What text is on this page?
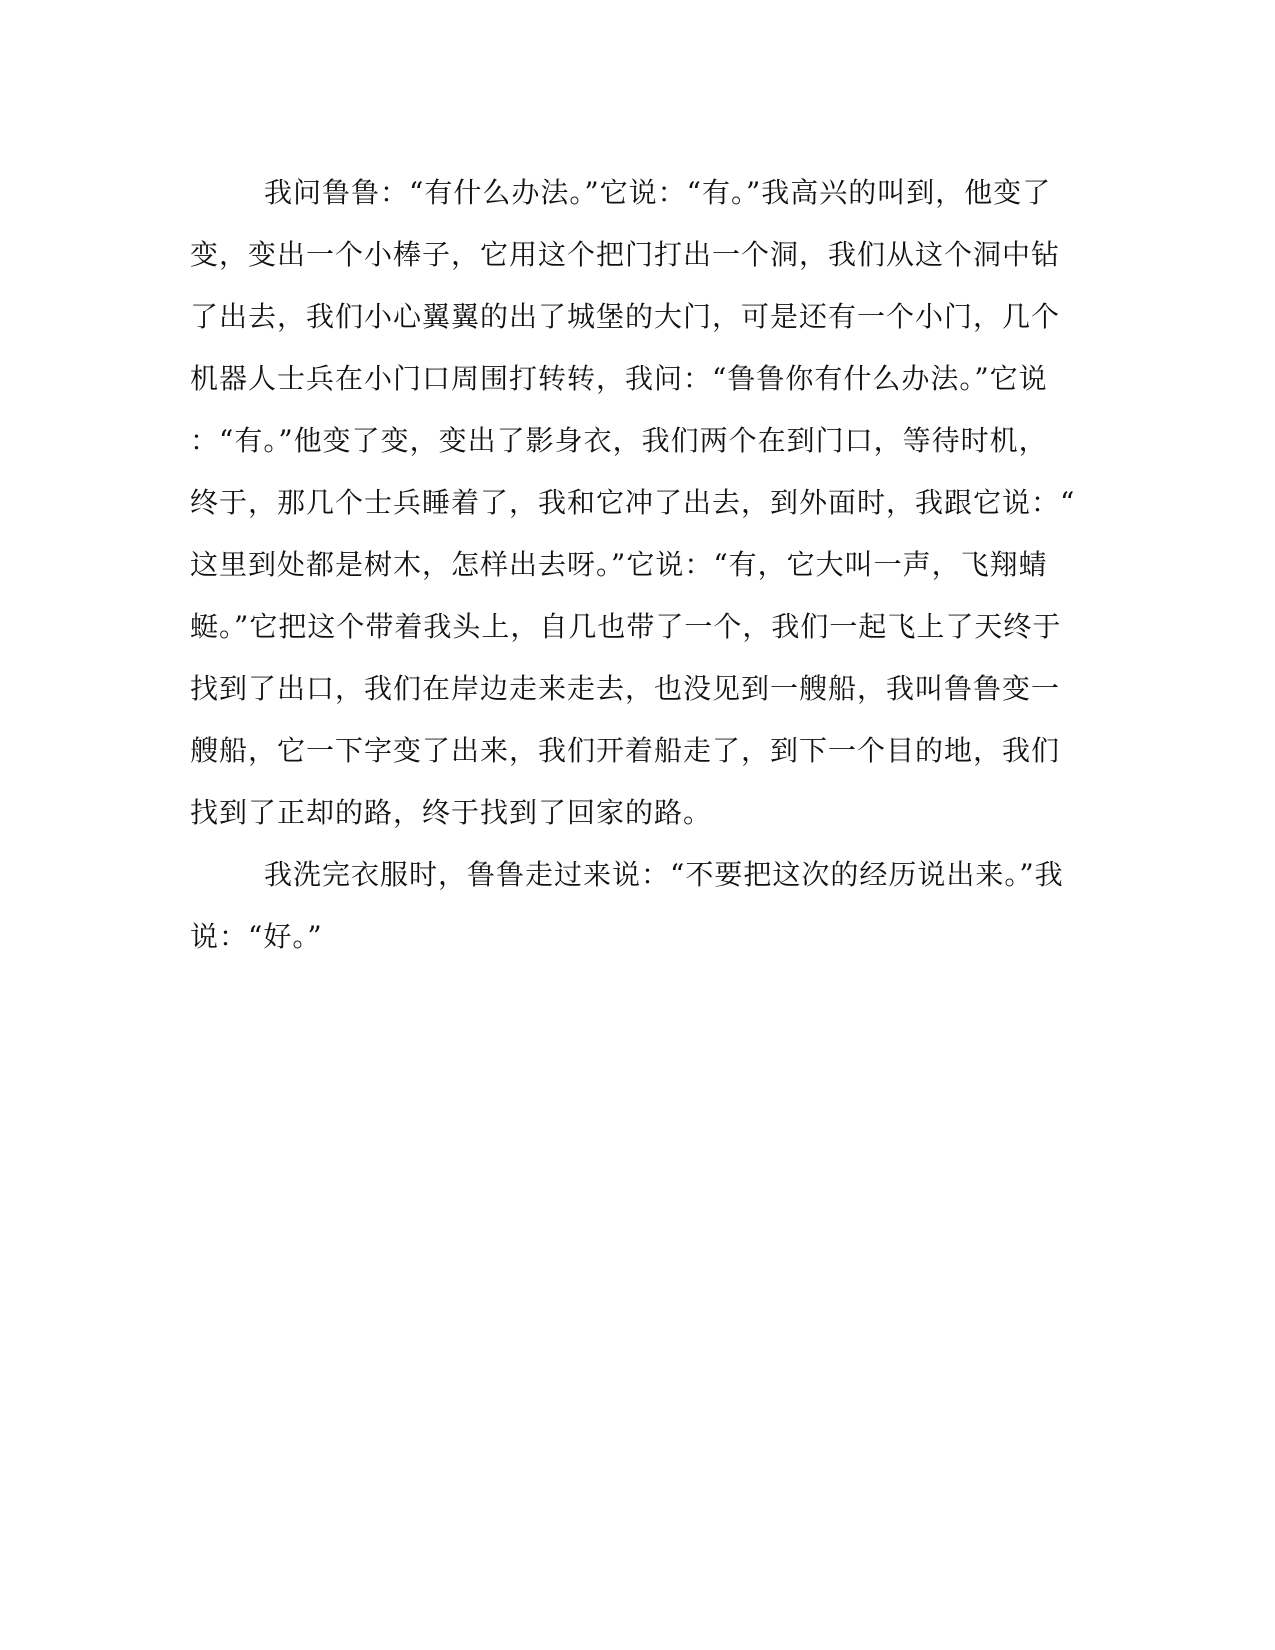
我问鲁鲁：“有什么办法。”它说：“有。”我高兴的叫到，他变了
变，变出一个小棒子，它用这个把门打出一个洞，我们从这个洞中钻
了出去，我们小心翼翼的出了城堡的大门，可是还有一个小门，几个
机器人士兵在小门口周围打转转，我问：“鲁鲁你有什么办法。”它说
：“有。”他变了变，变出了影身衣，我们两个在到门口，等待时机，
终于，那几个士兵睡着了，我和它冲了出去，到外面时，我跟它说：“
这里到处都是树木，怎样出去呀。”它说：“有，它大叫一声，飞翔蜻
蜓。”它把这个带着我头上，自几也带了一个，我们一起飞上了天终于
找到了出口，我们在岸边走来走去，也没见到一艘船，我叫鲁鲁变一
艘船，它一下字变了出来，我们开着船走了，到下一个目的地，我们
找到了正却的路，终于找到了回家的路。
我洗完衣服时，鲁鲁走过来说：“不要把这次的经历说出来。”我
说：“好。”
